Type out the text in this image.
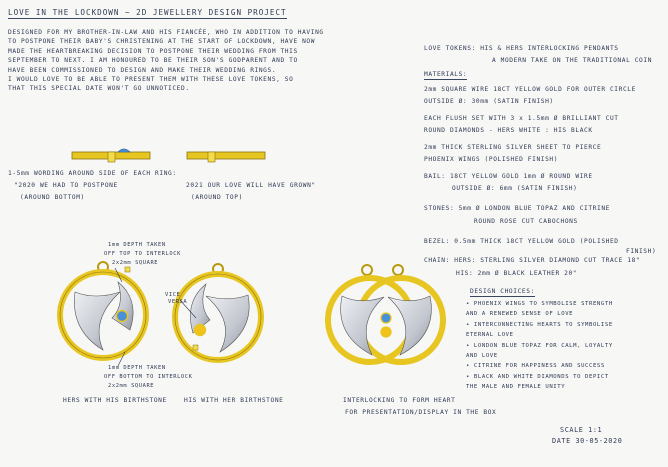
LOVE IN THE LOCKDOWN ~ 2D JEWELLERY DESIGN PROJECT
DESIGNED FOR MY BROTHER-IN-LAW AND HIS FIANCÉE, WHO IN ADDITION TO HAVING
TO POSTPONE THEIR BABY'S CHRISTENING AT THE START OF LOCKDOWN, HAVE NOW
MADE THE HEARTBREAKING DECISION TO POSTPONE THEIR WEDDING FROM THIS
SEPTEMBER TO NEXT. I AM HONOURED TO BE THEIR SON'S GODPARENT AND TO
HAVE BEEN COMMISSIONED TO DESIGN AND MAKE THEIR WEDDING RINGS.
I WOULD LOVE TO BE ABLE TO PRESENT THEM WITH THESE LOVE TOKENS, SO
THAT THIS SPECIAL DATE WON'T GO UNNOTICED.
1-5mm WORDING AROUND SIDE OF EACH RING:
"2020 WE HAD TO POSTPONE
(AROUND BOTTOM)
2021 OUR LOVE WILL HAVE GROWN"
(AROUND TOP)
1mm DEPTH TAKEN
OFF TOP TO INTERLOCK
2x2mm SQUARE
1mm DEPTH TAKEN
OFF BOTTOM TO INTERLOCK
2x2mm SQUARE
VICE
VERSA
HERS WITH HIS BIRTHSTONE	HIS WITH HER BIRTHSTONE	INTERLOCKING TO FORM HEART
FOR PRESENTATION/DISPLAY IN THE BOX
LOVE TOKENS: HIS & HERS INTERLOCKING PENDANTS
A MODERN TAKE ON THE TRADITIONAL COIN
MATERIALS:
2mm SQUARE WIRE 18CT YELLOW GOLD FOR OUTER CIRCLE
OUTSIDE Ø: 30mm (SATIN FINISH)
EACH FLUSH SET WITH 3 x 1.5mm Ø BRILLIANT CUT
ROUND DIAMONDS - HERS WHITE : HIS BLACK
2mm THICK STERLING SILVER SHEET TO PIERCE
PHOENIX WINGS (POLISHED FINISH)
BAIL: 18CT YELLOW GOLD 1mm Ø ROUND WIRE
OUTSIDE Ø: 6mm (SATIN FINISH)
STONES: 5mm Ø LONDON BLUE TOPAZ AND CITRINE
ROUND ROSE CUT CABOCHONS
BEZEL: 0.5mm THICK 18CT YELLOW GOLD (POLISHED
FINISH)
CHAIN: HERS: STERLING SILVER DIAMOND CUT TRACE 18"
HIS: 2mm Ø BLACK LEATHER 20"
DESIGN CHOICES:
• PHOENIX WINGS TO SYMBOLISE STRENGTH
AND A RENEWED SENSE OF LOVE
• INTERCONNECTING HEARTS TO SYMBOLISE
ETERNAL LOVE
• LONDON BLUE TOPAZ FOR CALM, LOYALTY
AND LOVE
• CITRINE FOR HAPPINESS AND SUCCESS
• BLACK AND WHITE DIAMONDS TO DEPICT
THE MALE AND FEMALE UNITY
SCALE 1:1
DATE 30-05-2020
